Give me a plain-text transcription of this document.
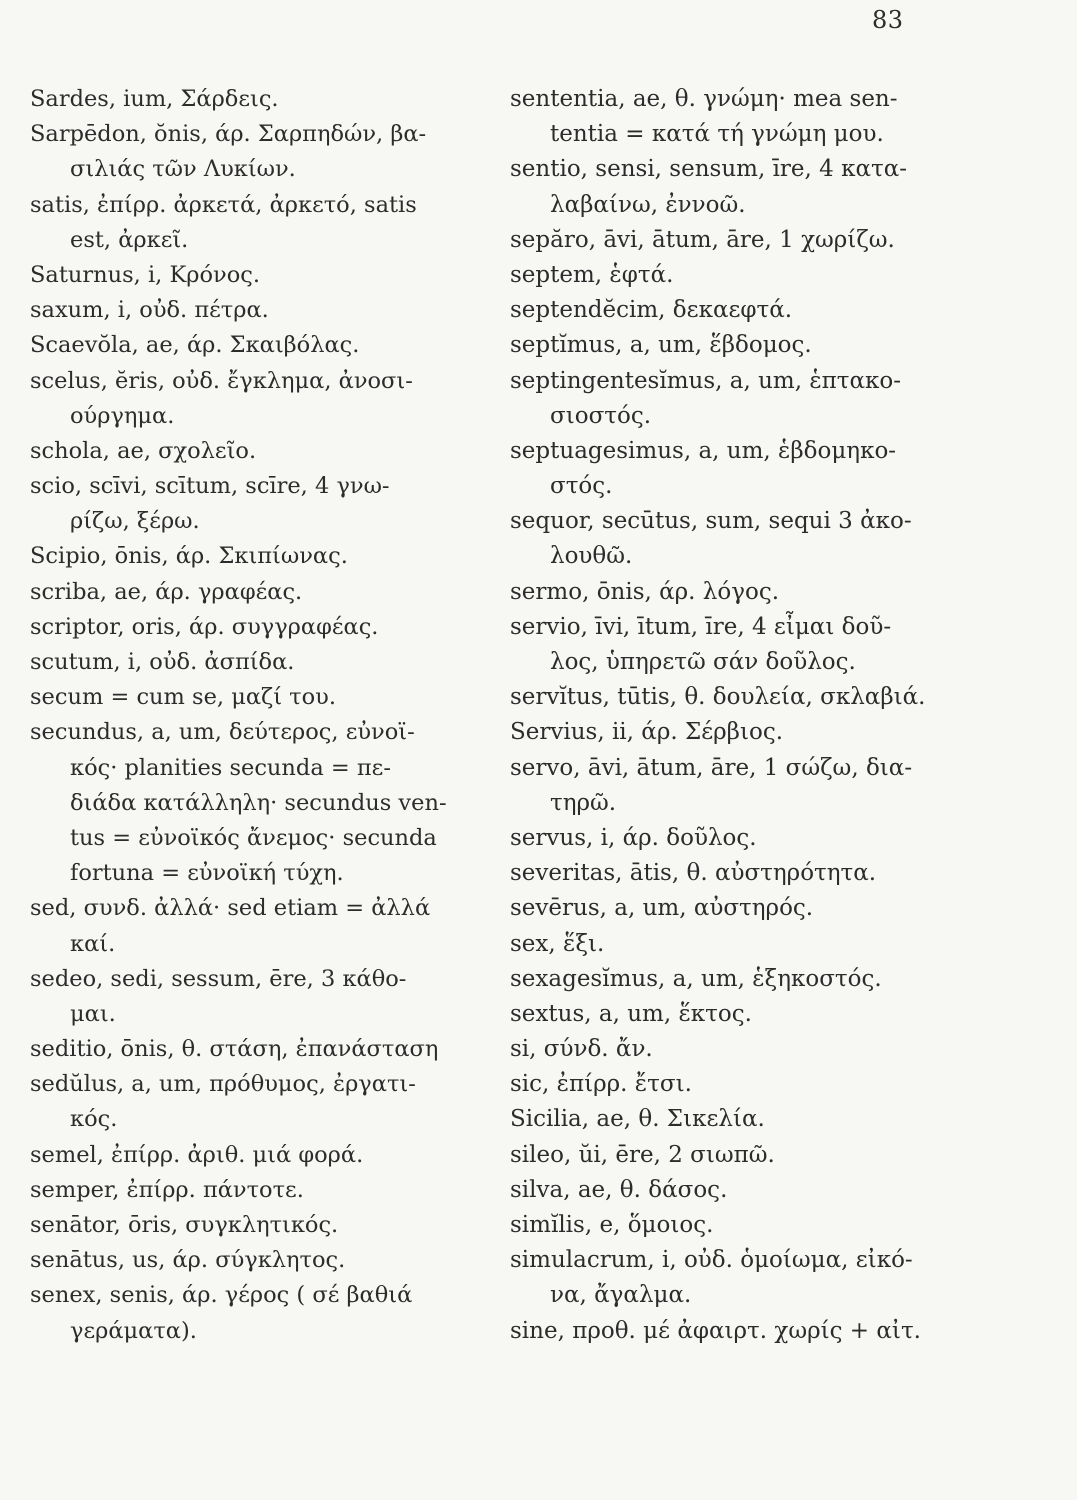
83
Sardes, ium, Σάρδεις.
Sarpēdon, ŏnis, άρ. Σαρπηδών, βα-
σιλιάς τῶν Λυκίων.
satis, ἐπίρρ. ἀρκετά, ἀρκετό, satis
est, ἀρκεῖ.
Saturnus, i, Κρόνος.
saxum, i, οὐδ. πέτρα.
Scaevŏla, ae, άρ. Σκαιβόλας.
scelus, ĕris, οὐδ. ἔγκλημα, ἀνοσι-
ούργημα.
schola, ae, σχολεῖο.
scio, scīvi, scītum, scīre, 4 γνω-
ρίζω, ξέρω.
Scipio, ōnis, άρ. Σκιπίωνας.
scriba, ae, άρ. γραφέας.
scriptor, oris, άρ. συγγραφέας.
scutum, i, οὐδ. ἀσπίδα.
secum = cum se, μαζί του.
secundus, a, um, δεύτερος, εὐνοϊ-
κός· planities secunda = πε-
διάδα κατάλληλη· secundus ven-
tus = εὐνοϊκός ἄνεμος· secunda
fortuna = εὐνοϊκή τύχη.
sed, συνδ. ἀλλά· sed etiam = ἀλλά
καί.
sedeo, sedi, sessum, ēre, 3 κάθο-
μαι.
seditio, ōnis, θ. στάση, ἐπανάσταση
sedŭlus, a, um, πρόθυμος, ἐργατι-
κός.
semel, ἐπίρρ. ἀριθ. μιά φορά.
semper, ἐπίρρ. πάντοτε.
senātor, ōris, συγκλητικός.
senātus, us, άρ. σύγκλητος.
senex, senis, άρ. γέρος ( σέ βαθιά
γεράματα).
sententia, ae, θ. γνώμη· mea sen-
tentia = κατά τή γνώμη μου.
sentio, sensi, sensum, īre, 4 κατα-
λαβαίνω, ἐννοῶ.
sepăro, āvi, ātum, āre, 1 χωρίζω.
septem, ἑφτά.
septendĕcim, δεκαεφτά.
septĭmus, a, um, ἕβδομος.
septingentesĭmus, a, um, ἑπτακο-
σιοστός.
septuagesimus, a, um, ἑβδομηκο-
στός.
sequor, secūtus, sum, sequi 3 ἀκο-
λουθῶ.
sermo, ōnis, άρ. λόγος.
servio, īvi, ītum, īre, 4 εἶμαι δοῦ-
λος, ὑπηρετῶ σάν δοῦλος.
servĭtus, tūtis, θ. δουλεία, σκλαβιά.
Servius, ii, άρ. Σέρβιος.
servo, āvi, ātum, āre, 1 σώζω, δια-
τηρῶ.
servus, i, άρ. δοῦλος.
severitas, ātis, θ. αὐστηρότητα.
sevērus, a, um, αὐστηρός.
sex, ἕξι.
sexagesĭmus, a, um, ἑξηκοστός.
sextus, a, um, ἕκτος.
si, σύνδ. ἄν.
sic, ἐπίρρ. ἔτσι.
Sicilia, ae, θ. Σικελία.
sileo, ŭi, ēre, 2 σιωπῶ.
silva, ae, θ. δάσος.
simĭlis, e, ὅμοιος.
simulacrum, i, οὐδ. ὁμοίωμα, εἰκό-
να, ἄγαλμα.
sine, προθ. μέ ἀφαιρτ. χωρίς + αἰτ.
